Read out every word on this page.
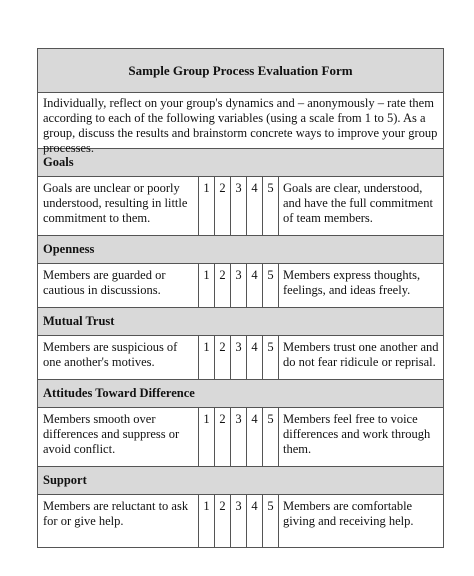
Sample Group Process Evaluation Form
Individually, reflect on your group's dynamics and – anonymously – rate them according to each of the following variables (using a scale from 1 to 5). As a group, discuss the results and brainstorm concrete ways to improve your group processes.
Goals
Goals are unclear or poorly understood, resulting in little commitment to them.
1 2 3 4 5 Goals are clear, understood, and have the full commitment of team members.
Openness
Members are guarded or cautious in discussions.
1 2 3 4 5 Members express thoughts, feelings, and ideas freely.
Mutual Trust
Members are suspicious of one another's motives.
1 2 3 4 5 Members trust one another and do not fear ridicule or reprisal.
Attitudes Toward Difference
Members smooth over differences and suppress or avoid conflict.
1 2 3 4 5 Members feel free to voice differences and work through them.
Support
Members are reluctant to ask for or give help.
1 2 3 4 5 Members are comfortable giving and receiving help.
